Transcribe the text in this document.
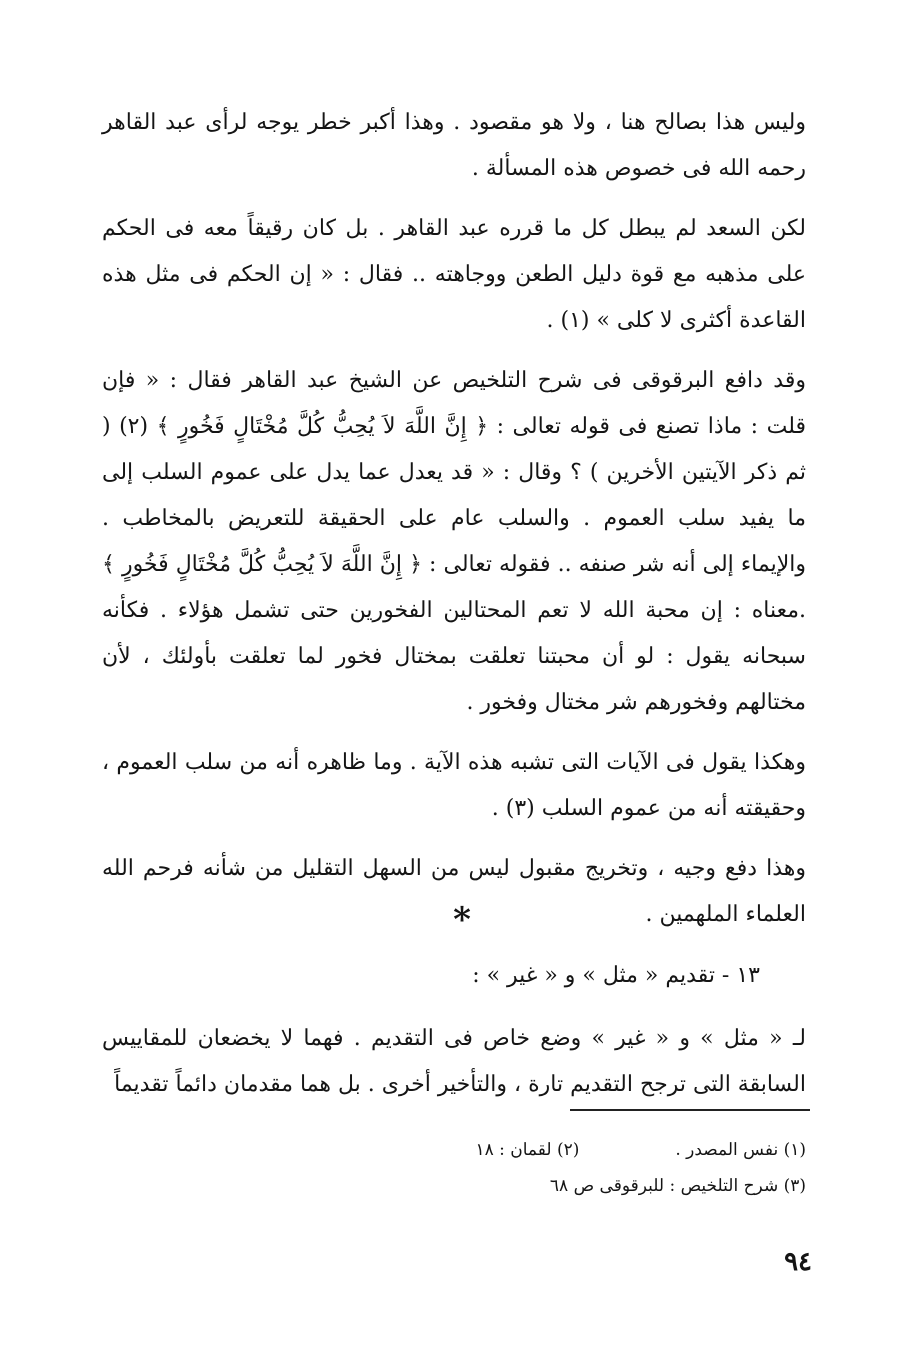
وليس هذا بصالح هنا ، ولا هو مقصود . وهذا أكبر خطر يوجه لرأى عبد القاهر رحمه الله فى خصوص هذه المسألة .

لكن السعد لم يبطل كل ما قرره عبد القاهر . بل كان رقيقاً معه فى الحكم على مذهبه مع قوة دليل الطعن ووجاهته .. فقال : « إن الحكم فى مثل هذه القاعدة أكثرى لا كلى » (١) .

وقد دافع البرقوقى فى شرح التلخيص عن الشيخ عبد القاهر فقال : « فإن قلت : ماذا تصنع فى قوله تعالى : ﴿ إِنَّ اللَّهَ لاَ يُحِبُّ كُلَّ مُخْتَالٍ فَخُورٍ ﴾ (٢) ( ثم ذكر الآيتين الأخرين ) ؟ وقال : « قد يعدل عما يدل على عموم السلب إلى ما يفيد سلب العموم . والسلب عام على الحقيقة للتعريض بالمخاطب . والإيماء إلى أنه شر صنفه .. فقوله تعالى : ﴿ إِنَّ اللَّهَ لاَ يُحِبُّ كُلَّ مُخْتَالٍ فَخُورٍ ﴾ .معناه : إن محبة الله لا تعم المحتالين الفخورين حتى تشمل هؤلاء . فكأنه سبحانه يقول : لو أن محبتنا تعلقت بمختال فخور لما تعلقت بأولئك ، لأن مختالهم وفخورهم شر مختال وفخور .

وهكذا يقول فى الآيات التى تشبه هذه الآية . وما ظاهره أنه من سلب العموم ، وحقيقته أنه من عموم السلب (٣) .

وهذا دفع وجيه ، وتخريج مقبول ليس من السهل التقليل من شأنه فرحم الله العلماء الملهمين .

*
١٣ - تقديم « مثل » و « غير » :
لـ « مثل » و « غير » وضع خاص فى التقديم . فهما لا يخضعان للمقاييس السابقة التى ترجح التقديم تارة ، والتأخير أخرى . بل هما مقدمان دائماً تقديماً
(١) نفس المصدر .
(٢) لقمان : ١٨
(٣) شرح التلخيص : للبرقوقى ص ٦٨
٩٤
